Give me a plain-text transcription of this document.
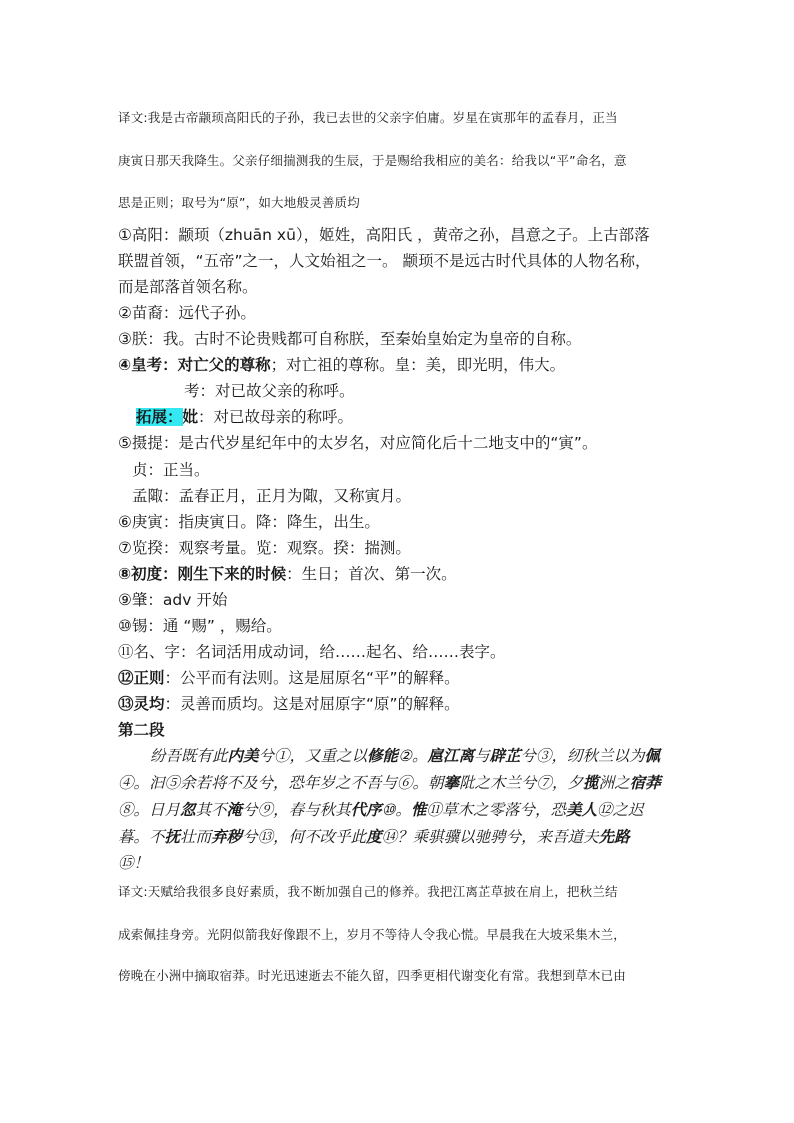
译文:我是古帝颛顼高阳氏的子孙，我已去世的父亲字伯庸。岁星在寅那年的孟春月，正当
庚寅日那天我降生。父亲仔细揣测我的生辰，于是赐给我相应的美名：给我以“平”命名，意
思是正则；取号为“原”，如大地般灵善质均
①高阳：颛顼（zhuān xū），姬姓，高阳氏 ，黄帝之孙，昌意之子。上古部落
联盟首领，“五帝”之一，人文始祖之一。 颛顼不是远古时代具体的人物名称，
而是部落首领名称。
②苗裔：远代子孙。
③朕：我。古时不论贵贱都可自称朕，至秦始皇始定为皇帝的自称。
④皇考：对亡父的尊称；对亡祖的尊称。皇：美，即光明，伟大。
考：对已故父亲的称呼。
拓展：妣：对已故母亲的称呼。
⑤摄提：是古代岁星纪年中的太岁名，对应简化后十二地支中的“寅”。
贞：正当。
孟陬：孟春正月，正月为陬，又称寅月。
⑥庚寅：指庚寅日。降：降生，出生。
⑦览揆：观察考量。览：观察。揆：揣测。
⑧初度：刚生下来的时候：生日；首次、第一次。
⑨肇：adv 开始
⑩锡：通 “赐” ，赐给。
⑪名、字：名词活用成动词，给……起名、给……表字。
⑫正则：公平而有法则。这是屈原名“平”的解释。
⑬灵均：灵善而质均。这是对屈原字“原”的解释。
第二段
纷吾既有此内美兮①，又重之以修能②。扈江离与辟芷兮③，纫秋兰以为佩
④。汩⑤余若将不及兮，恐年岁之不吾与⑥。朝搴阰之木兰兮⑦，夕揽洲之宿莽
⑧。日月忽其不淹兮⑨，春与秋其代序⑩。惟⑪草木之零落兮，恐美人⑫之迟
暮。不抚壮而弃秽兮⑬，何不改乎此度⑭？乘骐骥以驰骋兮，来吾道夫先路
⑮！
译文:天赋给我很多良好素质，我不断加强自己的修养。我把江离芷草披在肩上，把秋兰结
成索佩挂身旁。光阴似箭我好像跟不上，岁月不等待人令我心慌。早晨我在大坡采集木兰，
傍晚在小洲中摘取宿莽。时光迅速逝去不能久留，四季更相代谢变化有常。我想到草木已由
